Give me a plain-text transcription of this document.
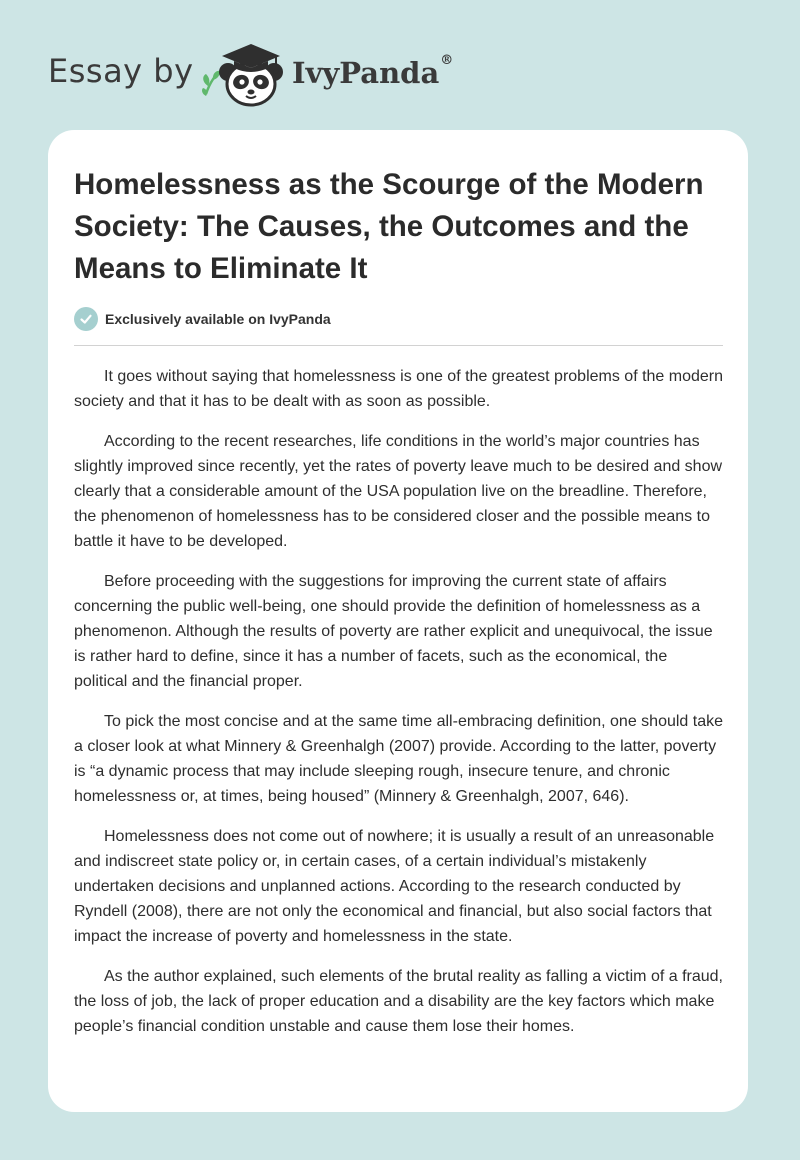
Essay by	IvyPanda®
Homelessness as the Scourge of the Modern Society: The Causes, the Outcomes and the Means to Eliminate It
Exclusively available on IvyPanda

It goes without saying that homelessness is one of the greatest problems of the modern society and that it has to be dealt with as soon as possible.

According to the recent researches, life conditions in the world’s major countries has slightly improved since recently, yet the rates of poverty leave much to be desired and show clearly that a considerable amount of the USA population live on the breadline. Therefore, the phenomenon of homelessness has to be considered closer and the possible means to battle it have to be developed.

Before proceeding with the suggestions for improving the current state of affairs concerning the public well-being, one should provide the definition of homelessness as a phenomenon. Although the results of poverty are rather explicit and unequivocal, the issue is rather hard to define, since it has a number of facets, such as the economical, the political and the financial proper.

To pick the most concise and at the same time all-embracing definition, one should take a closer look at what Minnery & Greenhalgh (2007) provide. According to the latter, poverty is “a dynamic process that may include sleeping rough, insecure tenure, and chronic homelessness or, at times, being housed” (Minnery & Greenhalgh, 2007, 646).

Homelessness does not come out of nowhere; it is usually a result of an unreasonable and indiscreet state policy or, in certain cases, of a certain individual’s mistakenly undertaken decisions and unplanned actions. According to the research conducted by Ryndell (2008), there are not only the economical and financial, but also social factors that impact the increase of poverty and homelessness in the state.

As the author explained, such elements of the brutal reality as falling a victim of a fraud, the loss of job, the lack of proper education and a disability are the key factors which make people’s financial condition unstable and cause them lose their homes.
